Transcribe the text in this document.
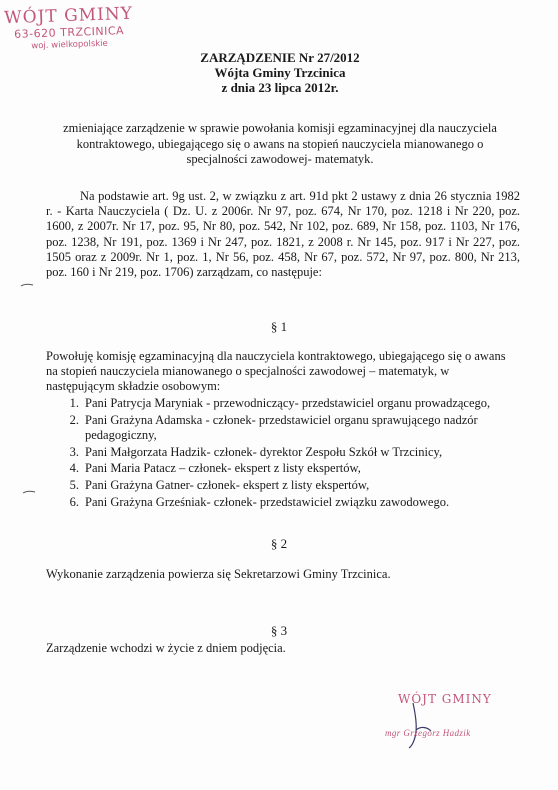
WÓJT GMINY
63-620 TRZCINICA
woj. wielkopolskie
ZARZĄDZENIE Nr 27/2012
Wójta Gminy Trzcinica
z dnia 23 lipca 2012r.
zmieniające zarządzenie w sprawie powołania komisji egzaminacyjnej dla nauczyciela kontraktowego, ubiegającego się o awans na stopień nauczyciela mianowanego o specjalności zawodowej- matematyk.
Na podstawie art. 9g ust. 2, w związku z art. 91d pkt 2 ustawy z dnia 26 stycznia 1982 r. - Karta Nauczyciela ( Dz. U. z 2006r. Nr 97, poz. 674, Nr 170, poz. 1218 i Nr 220, poz. 1600, z 2007r. Nr 17, poz. 95, Nr 80, poz. 542, Nr 102, poz. 689, Nr 158, poz. 1103, Nr 176, poz. 1238, Nr 191, poz. 1369 i Nr 247, poz. 1821, z 2008 r. Nr 145, poz. 917 i Nr 227, poz. 1505 oraz z 2009r. Nr 1, poz. 1, Nr 56, poz. 458, Nr 67, poz. 572, Nr 97, poz. 800, Nr 213, poz. 160 i Nr 219, poz. 1706) zarządzam, co następuje:
§ 1
Powołuję komisję egzaminacyjną dla nauczyciela kontraktowego, ubiegającego się o awans na stopień nauczyciela mianowanego o specjalności zawodowej – matematyk, w następującym składzie osobowym:
1. Pani Patrycja Maryniak - przewodniczący- przedstawiciel organu prowadzącego,
2. Pani Grażyna Adamska - członek- przedstawiciel organu sprawującego nadzór pedagogiczny,
3. Pani Małgorzata Hadzik- członek- dyrektor Zespołu Szkół w Trzcinicy,
4. Pani Maria Patacz – członek- ekspert z listy ekspertów,
5. Pani Grażyna Gatner- członek- ekspert z listy ekspertów,
6. Pani Grażyna Grześniak- członek- przedstawiciel związku zawodowego.
§ 2
Wykonanie zarządzenia powierza się Sekretarzowi Gminy Trzcinica.
§ 3
Zarządzenie wchodzi w życie z dniem podjęcia.
WÓJT GMINY
mgr Grzegorz Hadzik
